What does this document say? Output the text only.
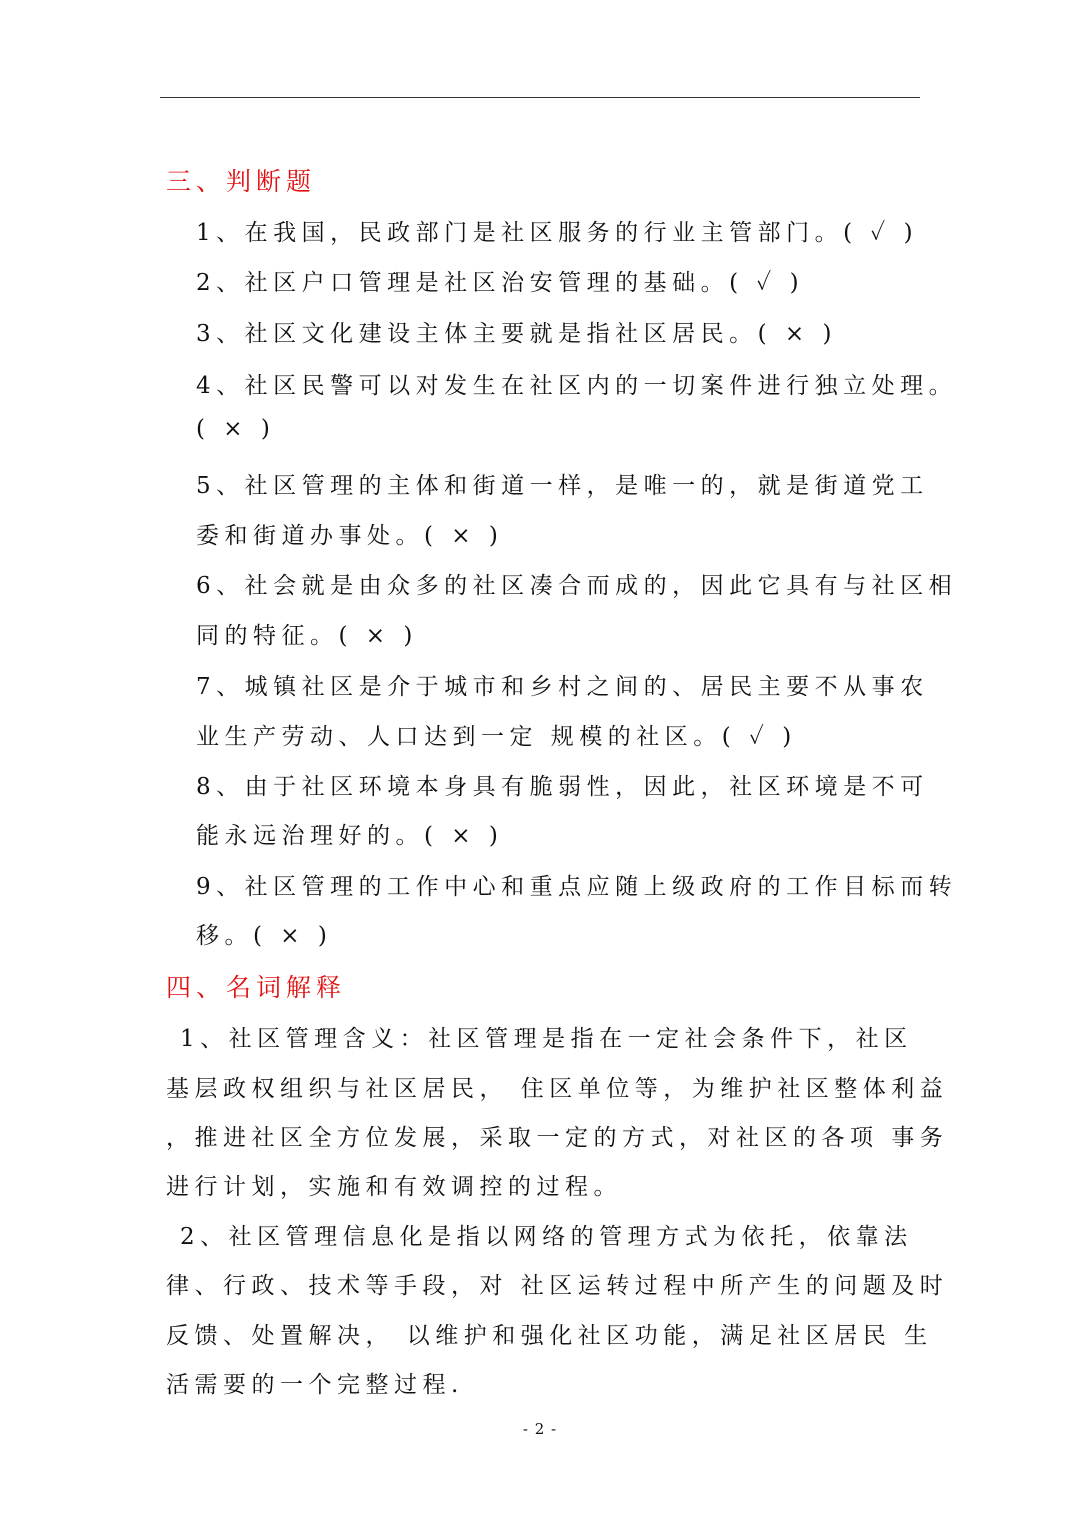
三、判断题
1、在我国，民政部门是社区服务的行业主管部门。( ✓ )
2、社区户口管理是社区治安管理的基础。( ✓ )
3、社区文化建设主体主要就是指社区居民。( × )
4、社区民警可以对发生在社区内的一切案件进行独立处理。
( × )
5、社区管理的主体和街道一样，是唯一的，就是街道党工
委和街道办事处。( × )
6、社会就是由众多的社区凑合而成的，因此它具有与社区相
同的特征。( × )
7、城镇社区是介于城市和乡村之间的、居民主要不从事农
业生产劳动、人口达到一定 规模的社区。( ✓ )
8、由于社区环境本身具有脆弱性，因此，社区环境是不可
能永远治理好的。( × )
9、社区管理的工作中心和重点应随上级政府的工作目标而转
移。( × )
四、名词解释
1、社区管理含义：社区管理是指在一定社会条件下，社区
基层政权组织与社区居民， 住区单位等，为维护社区整体利益
，推进社区全方位发展，采取一定的方式，对社区的各项 事务
进行计划，实施和有效调控的过程。
2、社区管理信息化是指以网络的管理方式为依托，依靠法
律、行政、技术等手段，对 社区运转过程中所产生的问题及时
反馈、处置解决， 以维护和强化社区功能，满足社区居民 生
活需要的一个完整过程.
- 2 -
